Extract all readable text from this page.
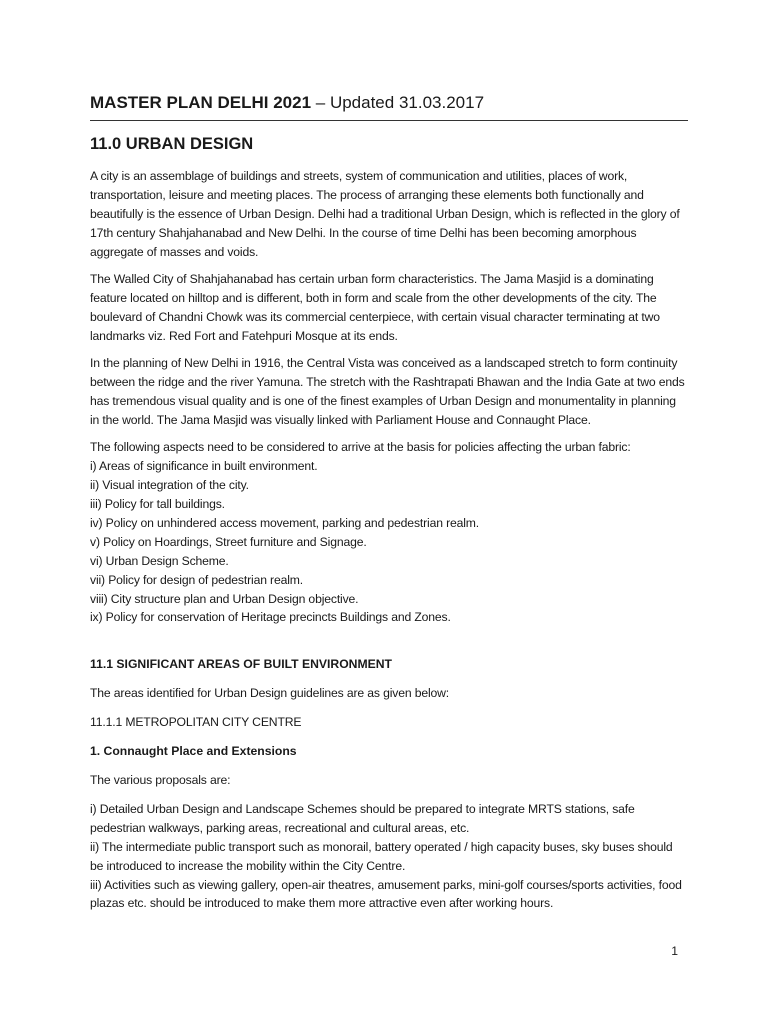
MASTER PLAN DELHI 2021 – Updated 31.03.2017
11.0 URBAN DESIGN

A city is an assemblage of buildings and streets, system of communication and utilities, places of work, transportation, leisure and meeting places. The process of arranging these elements both functionally and beautifully is the essence of Urban Design. Delhi had a traditional Urban Design, which is reflected in the glory of 17th century Shahjahanabad and New Delhi. In the course of time Delhi has been becoming amorphous aggregate of masses and voids.

The Walled City of Shahjahanabad has certain urban form characteristics. The Jama Masjid is a dominating feature located on hilltop and is different, both in form and scale from the other developments of the city. The boulevard of Chandni Chowk was its commercial centerpiece, with certain visual character terminating at two landmarks viz. Red Fort and Fatehpuri Mosque at its ends.

In the planning of New Delhi in 1916, the Central Vista was conceived as a landscaped stretch to form continuity between the ridge and the river Yamuna. The stretch with the Rashtrapati Bhawan and the India Gate at two ends has tremendous visual quality and is one of the finest examples of Urban Design and monumentality in planning in the world. The Jama Masjid was visually linked with Parliament House and Connaught Place.

The following aspects need to be considered to arrive at the basis for policies affecting the urban fabric:
i) Areas of significance in built environment.
ii) Visual integration of the city.
iii) Policy for tall buildings.
iv) Policy on unhindered access movement, parking and pedestrian realm.
v) Policy on Hoardings, Street furniture and Signage.
vi) Urban Design Scheme.
vii) Policy for design of pedestrian realm.
viii) City structure plan and Urban Design objective.
ix) Policy for conservation of Heritage precincts Buildings and Zones.
11.1 SIGNIFICANT AREAS OF BUILT ENVIRONMENT
The areas identified for Urban Design guidelines are as given below:
11.1.1 METROPOLITAN CITY CENTRE
1. Connaught Place and Extensions
The various proposals are:
i) Detailed Urban Design and Landscape Schemes should be prepared to integrate MRTS stations, safe pedestrian walkways, parking areas, recreational and cultural areas, etc.
ii) The intermediate public transport such as monorail, battery operated / high capacity buses, sky buses should be introduced to increase the mobility within the City Centre.
iii) Activities such as viewing gallery, open-air theatres, amusement parks, mini-golf courses/sports activities, food plazas etc. should be introduced to make them more attractive even after working hours.
1
